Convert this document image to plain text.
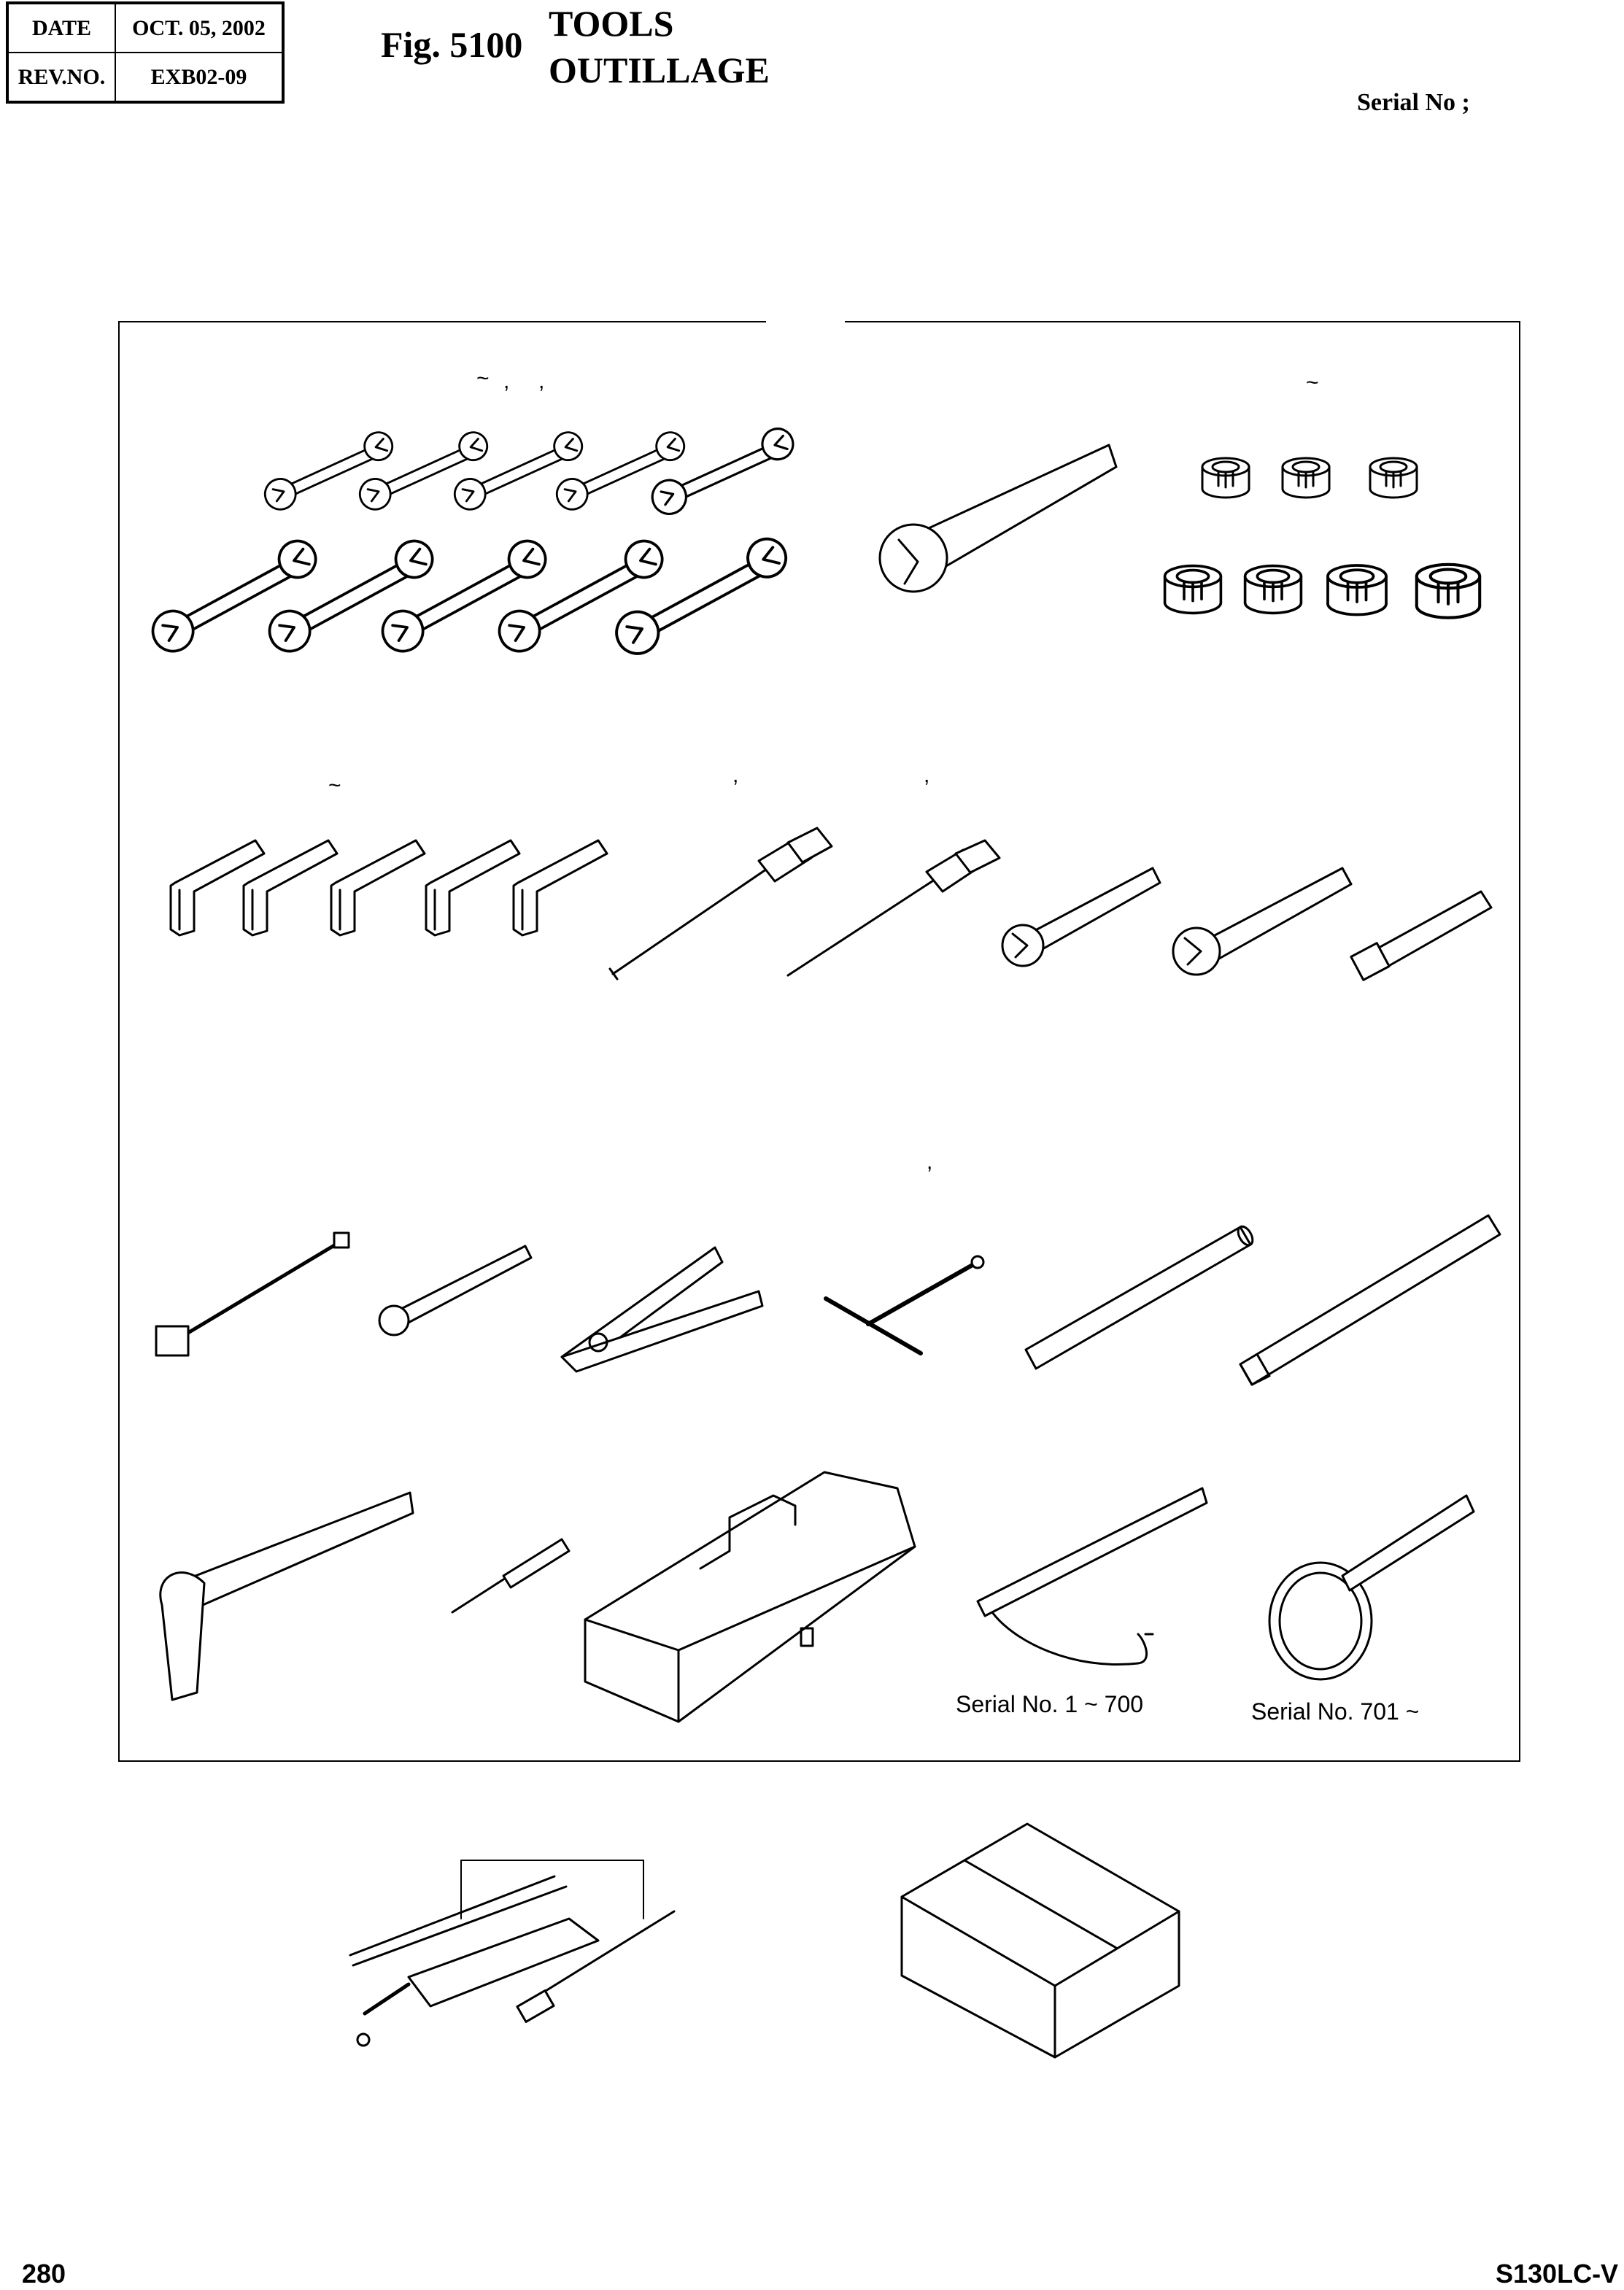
DATE	OCT. 05, 2002
REV.NO.	EXB02-09
Fig. 5100
TOOLS
OUTILLAGE
Serial No ;
~ , ,	~
~	,	,
,
Serial No. 1 ~ 700	Serial No. 701 ~
280	S130LC-V
